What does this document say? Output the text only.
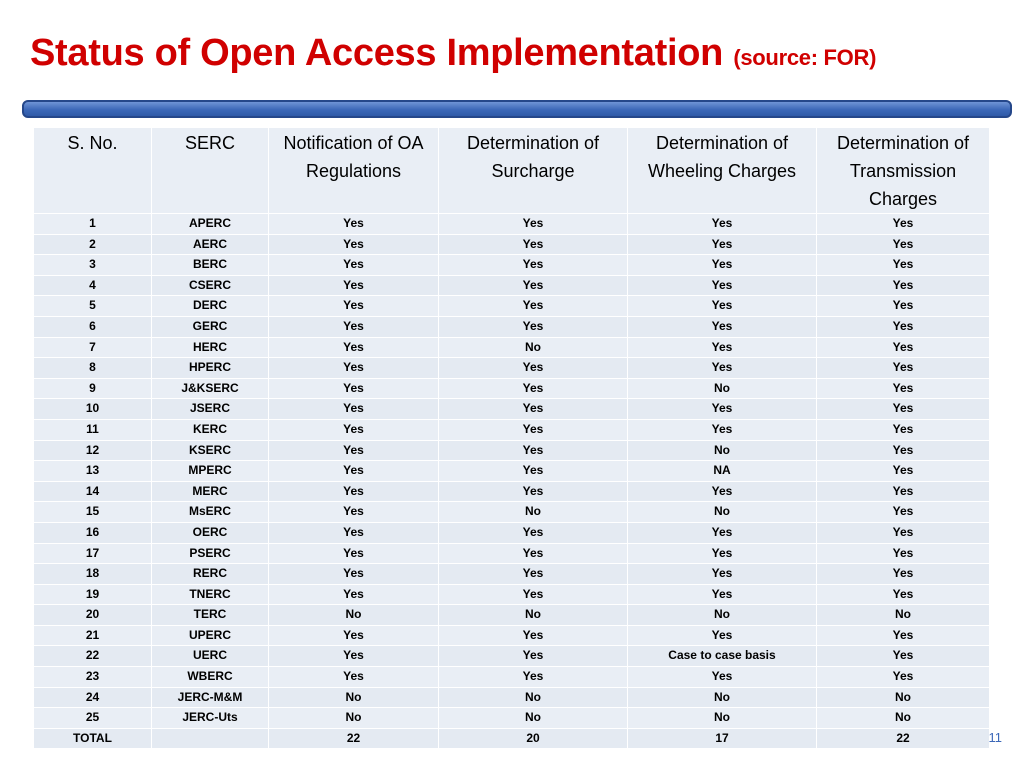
Status of Open Access Implementation (source: FOR)
S. No.	SERC	Notification of OA Regulations	Determination of Surcharge	Determination of Wheeling Charges	Determination of Transmission Charges
1	APERC	Yes	Yes	Yes	Yes
2	AERC	Yes	Yes	Yes	Yes
3	BERC	Yes	Yes	Yes	Yes
4	CSERC	Yes	Yes	Yes	Yes
5	DERC	Yes	Yes	Yes	Yes
6	GERC	Yes	Yes	Yes	Yes
7	HERC	Yes	No	Yes	Yes
8	HPERC	Yes	Yes	Yes	Yes
9	J&KSERC	Yes	Yes	No	Yes
10	JSERC	Yes	Yes	Yes	Yes
11	KERC	Yes	Yes	Yes	Yes
12	KSERC	Yes	Yes	No	Yes
13	MPERC	Yes	Yes	NA	Yes
14	MERC	Yes	Yes	Yes	Yes
15	MsERC	Yes	No	No	Yes
16	OERC	Yes	Yes	Yes	Yes
17	PSERC	Yes	Yes	Yes	Yes
18	RERC	Yes	Yes	Yes	Yes
19	TNERC	Yes	Yes	Yes	Yes
20	TERC	No	No	No	No
21	UPERC	Yes	Yes	Yes	Yes
22	UERC	Yes	Yes	Case to case basis	Yes
23	WBERC	Yes	Yes	Yes	Yes
24	JERC-M&M	No	No	No	No
25	JERC-Uts	No	No	No	No
TOTAL		22	20	17	22	11
